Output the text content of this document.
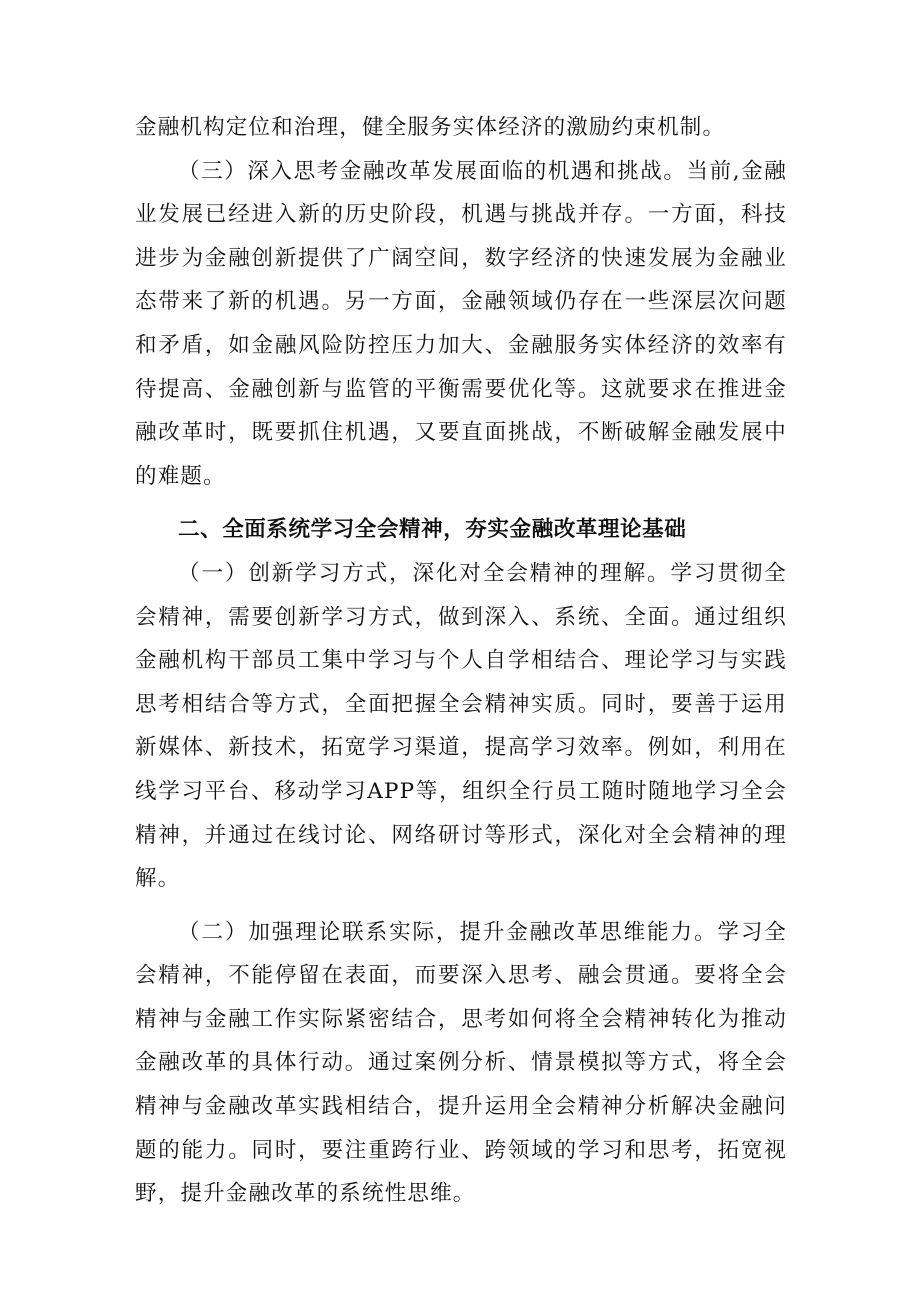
金融机构定位和治理，健全服务实体经济的激励约束机制。

（三）深入思考金融改革发展面临的机遇和挑战。当前,金融业发展已经进入新的历史阶段，机遇与挑战并存。一方面，科技进步为金融创新提供了广阔空间，数字经济的快速发展为金融业态带来了新的机遇。另一方面，金融领域仍存在一些深层次问题和矛盾，如金融风险防控压力加大、金融服务实体经济的效率有待提高、金融创新与监管的平衡需要优化等。这就要求在推进金融改革时，既要抓住机遇，又要直面挑战，不断破解金融发展中的难题。

二、全面系统学习全会精神，夯实金融改革理论基础

（一）创新学习方式，深化对全会精神的理解。学习贯彻全会精神，需要创新学习方式，做到深入、系统、全面。通过组织金融机构干部员工集中学习与个人自学相结合、理论学习与实践思考相结合等方式，全面把握全会精神实质。同时，要善于运用新媒体、新技术，拓宽学习渠道，提高学习效率。例如，利用在线学习平台、移动学习APP等，组织全行员工随时随地学习全会精神，并通过在线讨论、网络研讨等形式，深化对全会精神的理解。

（二）加强理论联系实际，提升金融改革思维能力。学习全会精神，不能停留在表面，而要深入思考、融会贯通。要将全会精神与金融工作实际紧密结合，思考如何将全会精神转化为推动金融改革的具体行动。通过案例分析、情景模拟等方式，将全会精神与金融改革实践相结合，提升运用全会精神分析解决金融问题的能力。同时，要注重跨行业、跨领域的学习和思考，拓宽视野，提升金融改革的系统性思维。
